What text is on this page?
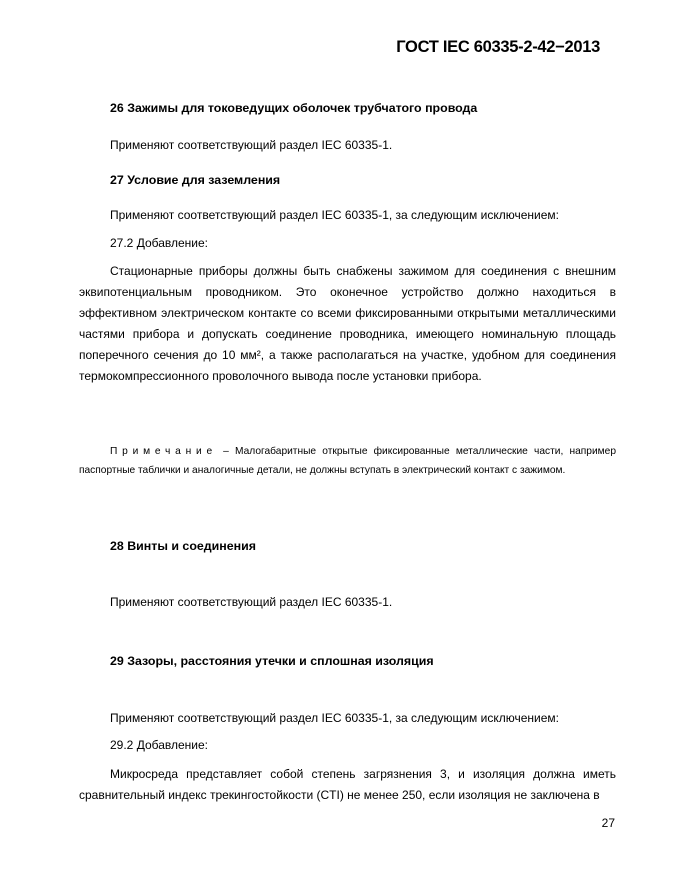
ГОСТ IEC 60335-2-42−2013
26 Зажимы для токоведущих оболочек трубчатого провода
Применяют соответствующий раздел IEC 60335-1.
27 Условие для заземления
Применяют соответствующий раздел IEC 60335-1, за следующим исключением:
27.2 Добавление:
Стационарные приборы должны быть снабжены зажимом для соединения с внешним эквипотенциальным проводником. Это оконечное устройство должно находиться в эффективном электрическом контакте со всеми фиксированными открытыми металлическими частями прибора и допускать соединение проводника, имеющего номинальную площадь поперечного сечения до 10 мм², а также располагаться на участке, удобном для соединения термокомпрессионного проволочного вывода после установки прибора.
Примечание – Малогабаритные открытые фиксированные металлические части, например паспортные таблички и аналогичные детали, не должны вступать в электрический контакт с зажимом.
28 Винты и соединения
Применяют соответствующий раздел IEC 60335-1.
29 Зазоры, расстояния утечки и сплошная изоляция
Применяют соответствующий раздел IEC 60335-1, за следующим исключением:
29.2 Добавление:
Микросреда представляет собой степень загрязнения 3, и изоляция должна иметь сравнительный индекс трекингостойкости (CTI) не менее 250, если изоляция не заключена в
27
